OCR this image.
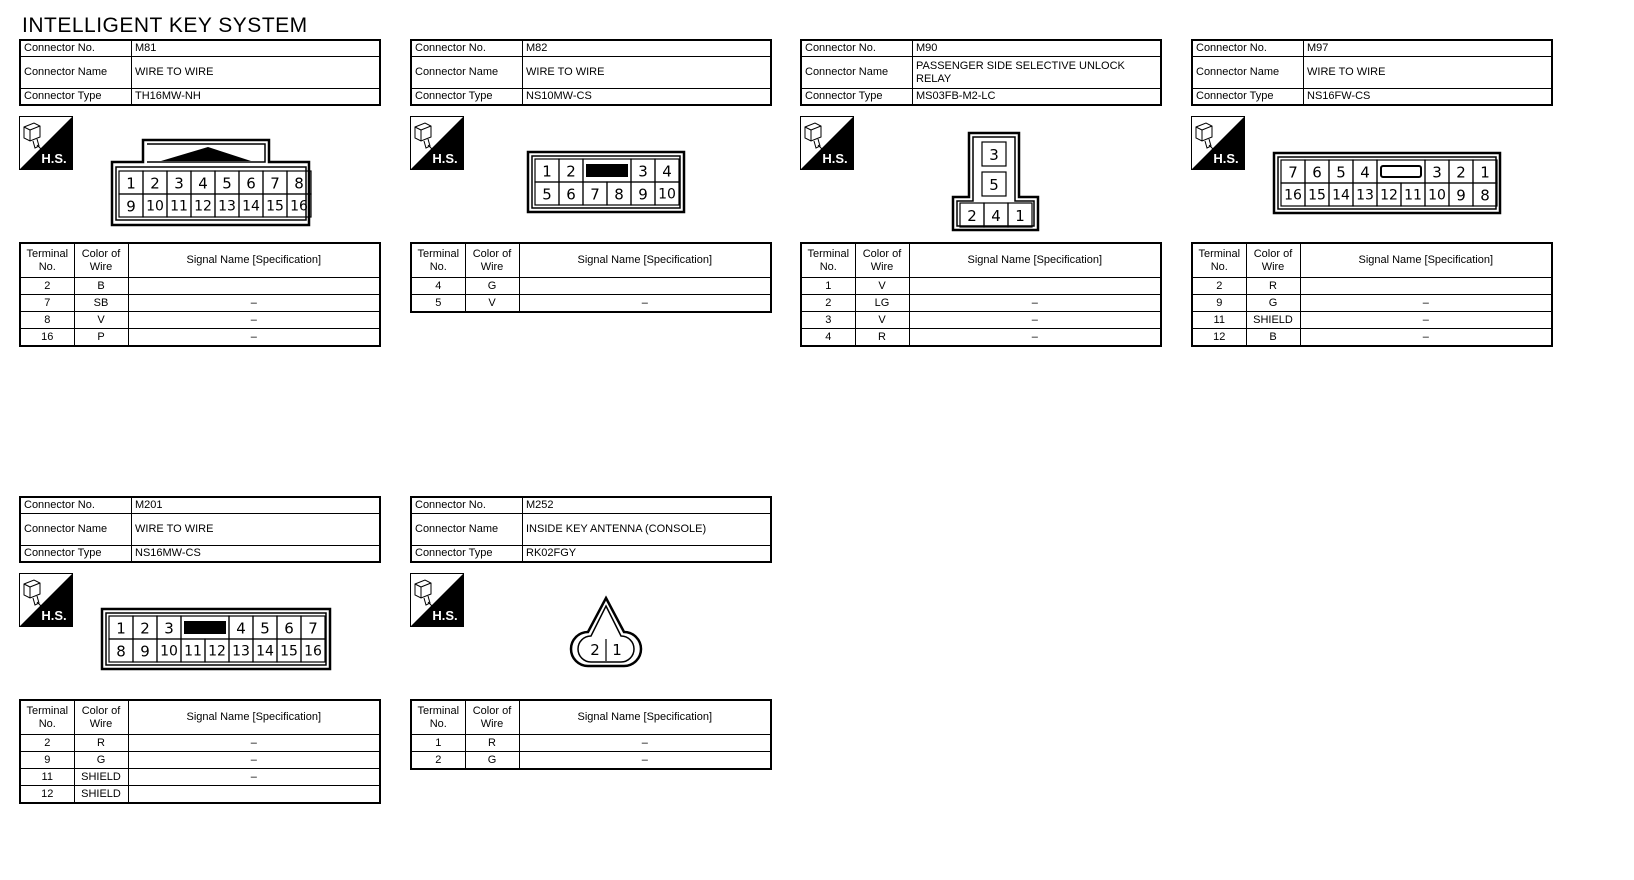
INTELLIGENT KEY SYSTEM
Connector No.	M81
Connector Name	WIRE TO WIRE
Connector Type	TH16MW-NH
H.S.
1 2 3 4 5 6 7 8
9 10 11 12 13 14 15 16
Terminal No.	Color of Wire	Signal Name [Specification]
2	B	
7	SB	–
8	V	–
16	P	–
Connector No.	M82
Connector Name	WIRE TO WIRE
Connector Type	NS10MW-CS
H.S.
1 2	3 4
5 6 7 8 9 10
Terminal No.	Color of Wire	Signal Name [Specification]
4	G	
5	V	–
Connector No.	M90
Connector Name	PASSENGER SIDE SELECTIVE UNLOCK RELAY
Connector Type	MS03FB-M2-LC
H.S.	3
5
2 4 1
Terminal No.	Color of Wire	Signal Name [Specification]
1	V	
2	LG	–
3	V	–
4	R	–
Connector No.	M97
Connector Name	WIRE TO WIRE
Connector Type	NS16FW-CS
H.S.
7 6 5 4	3 2 1
16 15 14 13 12 11 10 9 8
Terminal No.	Color of Wire	Signal Name [Specification]
2	R	
9	G	–
11	SHIELD	–
12	B	–
Connector No.	M201
Connector Name	WIRE TO WIRE
Connector Type	NS16MW-CS
H.S.
1 2 3	4 5 6 7
8 9 10 11 12 13 14 15 16
Terminal No.	Color of Wire	Signal Name [Specification]
2	R	–
9	G	–
11	SHIELD	–
12	SHIELD	
Connector No.	M252
Connector Name	INSIDE KEY ANTENNA (CONSOLE)
Connector Type	RK02FGY
H.S.
2 1
Terminal No.	Color of Wire	Signal Name [Specification]
1	R	–
2	G	–
